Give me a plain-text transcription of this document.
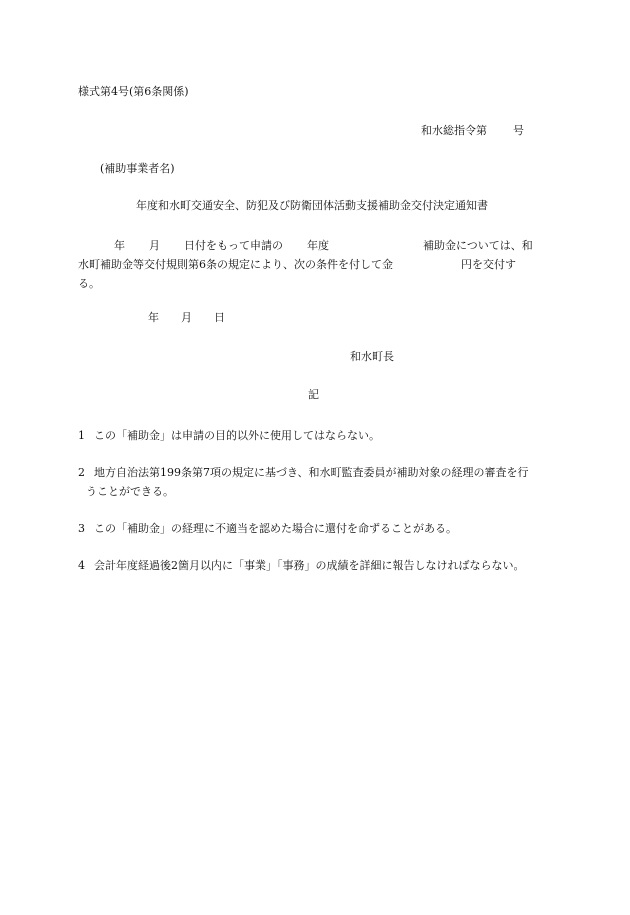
様式第4号(第6条関係)
和水総指令第 号
(補助事業者名)
年度和水町交通安全、防犯及び防衛団体活動支援補助金交付決定通知書
年 月 日付をもって申請の 年度	補助金については、和
水町補助金等交付規則第6条の規定により、次の条件を付して金	円を交付す
る。
年 月 日
和水町長
記
1 この「補助金」は申請の目的以外に使用してはならない。
2 地方自治法第199条第7項の規定に基づき、和水町監査委員が補助対象の経理の審査を行
うことができる。
3 この「補助金」の経理に不適当を認めた場合に還付を命ずることがある。
4 会計年度経過後2箇月以内に「事業」「事務」の成績を詳細に報告しなければならない。
